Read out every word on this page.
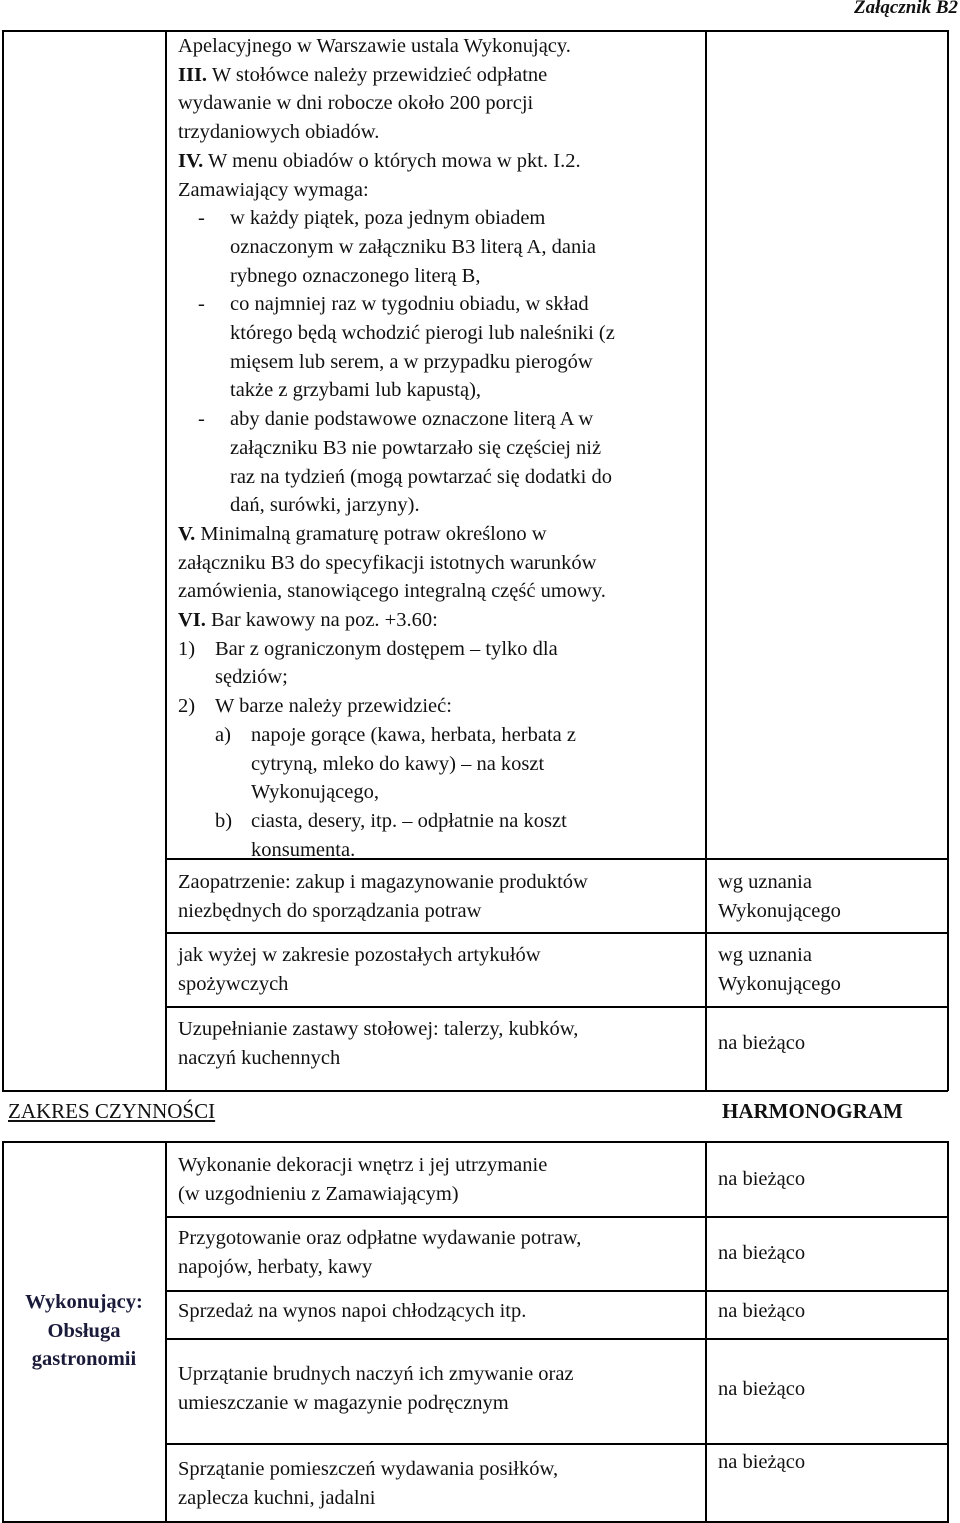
Załącznik B2
Apelacyjnego w Warszawie ustala Wykonujący.
III. W stołówce należy przewidzieć odpłatne
wydawanie w dni robocze około 200 porcji
trzydaniowych obiadów.
IV. W menu obiadów o których mowa w pkt. I.2.
Zamawiający wymaga:
- w każdy piątek, poza jednym obiadem
oznaczonym w załączniku B3 literą A, dania
rybnego oznaczonego literą B,
- co najmniej raz w tygodniu obiadu, w skład
którego będą wchodzić pierogi lub naleśniki (z
mięsem lub serem, a w przypadku pierogów
także z grzybami lub kapustą),
- aby danie podstawowe oznaczone literą A w
załączniku B3 nie powtarzało się częściej niż
raz na tydzień (mogą powtarzać się dodatki do
dań, surówki, jarzyny).
V. Minimalną gramaturę potraw określono w
załączniku B3 do specyfikacji istotnych warunków
zamówienia, stanowiącego integralną część umowy.
VI. Bar kawowy na poz. +3.60:
1) Bar z ograniczonym dostępem – tylko dla
sędziów;
2) W barze należy przewidzieć:
a) napoje gorące (kawa, herbata, herbata z
cytryną, mleko do kawy) – na koszt
Wykonującego,
b) ciasta, desery, itp. – odpłatnie na koszt
konsumenta.
Zaopatrzenie: zakup i magazynowanie produktów
niezbędnych do sporządzania potraw
wg uznania
Wykonującego
jak wyżej w zakresie pozostałych artykułów
spożywczych
wg uznania
Wykonującego
Uzupełnianie zastawy stołowej: talerzy, kubków,
naczyń kuchennych
na bieżąco
ZAKRES CZYNNOŚCI	HARMONOGRAM
Wykonujący:
Obsługa
gastronomii
Wykonanie dekoracji wnętrz i jej utrzymanie
(w uzgodnieniu z Zamawiającym)
na bieżąco
Przygotowanie oraz odpłatne wydawanie potraw,
napojów, herbaty, kawy
na bieżąco
Sprzedaż na wynos napoi chłodzących itp.	na bieżąco
Uprzątanie brudnych naczyń ich zmywanie oraz
umieszczanie w magazynie podręcznym
na bieżąco
Sprzątanie pomieszczeń wydawania posiłków,
zaplecza kuchni, jadalni
na bieżąco
